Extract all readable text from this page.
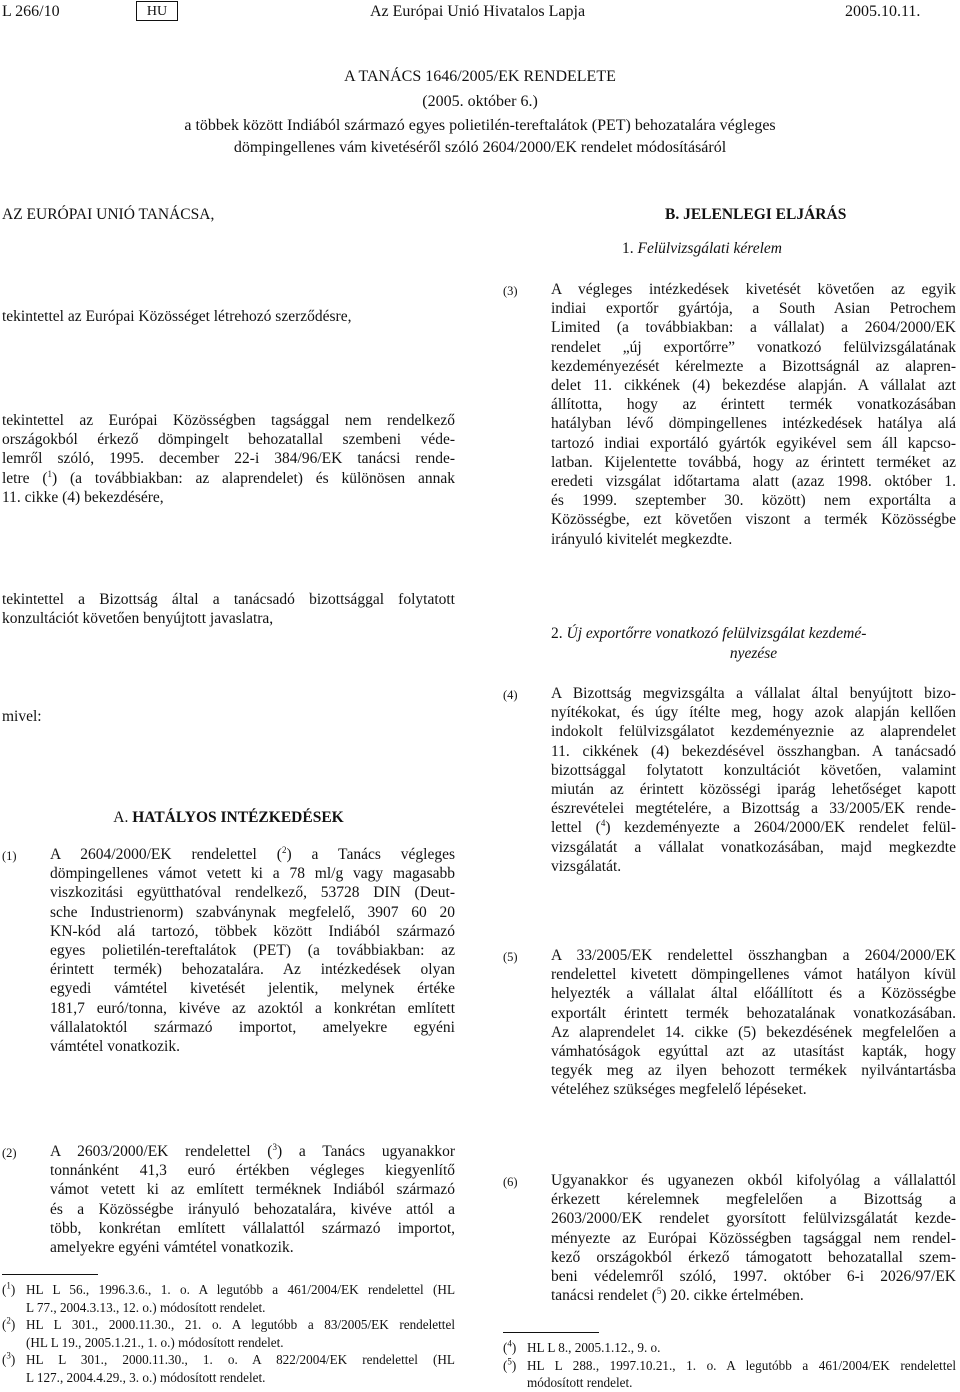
L 266/10	HU	Az Európai Unió Hivatalos Lapja	2005.10.11.
A TANÁCS 1646/2005/EK RENDELETE
(2005. október 6.)
a többek között Indiából származó egyes polietilén-tereftalátok (PET) behozatalára végleges
dömpingellenes vám kivetéséről szóló 2604/2000/EK rendelet módosításáról
AZ EURÓPAI UNIÓ TANÁCSA,
tekintettel az Európai Közösséget létrehozó szerződésre,
tekintettel az Európai Közösségben tagsággal nem rendelkező
országokból érkező dömpingelt behozatallal szembeni véde-
lemről szóló, 1995. december 22-i 384/96/EK tanácsi rende-
letre ($^1$) (a továbbiakban: az alaprendelet) és különösen annak
11. cikke (4) bekezdésére,
tekintettel a Bizottság által a tanácsadó bizottsággal folytatott
konzultációt követően benyújtott javaslatra,
mivel:
A. HATÁLYOS INTÉZKEDÉSEK
(1) A 2604/2000/EK rendelettel ($^2$) a Tanács végleges
dömpingellenes vámot vetett ki a 78 ml/g vagy magasabb
viszkozitási együtthatóval rendelkező, 53728 DIN (Deut-
sche Industrienorm) szabványnak megfelelő, 3907 60 20
KN-kód alá tartozó, többek között Indiából származó
egyes polietilén-tereftalátok (PET) (a továbbiakban: az
érintett termék) behozatalára. Az intézkedések olyan
egyedi vámtétel kivetését jelentik, melynek értéke
181,7 euró/tonna, kivéve az azoktól a konkrétan említett
vállalatoktól származó importot, amelyekre egyéni
vámtétel vonatkozik.
(2) A 2603/2000/EK rendelettel ($^3$) a Tanács ugyanakkor
tonnánként 41,3 euró értékben végleges kiegyenlítő
vámot vetett ki az említett terméknek Indiából származó
és a Közösségbe irányuló behozatalára, kivéve attól a
több, konkrétan említett vállalattól származó importot,
amelyekre egyéni vámtétel vonatkozik.
($^1$) HL L 56., 1996.3.6., 1. o. A legutóbb a 461/2004/EK rendelettel (HL
L 77., 2004.3.13., 12. o.) módosított rendelet.
($^2$) HL L 301., 2000.11.30., 21. o. A legutóbb a 83/2005/EK rendelettel
(HL L 19., 2005.1.21., 1. o.) módosított rendelet.
($^3$) HL L 301., 2000.11.30., 1. o. A 822/2004/EK rendelettel (HL
L 127., 2004.4.29., 3. o.) módosított rendelet.
B. JELENLEGI ELJÁRÁS
1. Felülvizsgálati kérelem
(3) A végleges intézkedések kivetését követően az egyik
indiai exportőr gyártója, a South Asian Petrochem
Limited (a továbbiakban: a vállalat) a 2604/2000/EK
rendelet „új exportőrre” vonatkozó felülvizsgálatának
kezdeményezését kérelmezte a Bizottságnál az alapren-
delet 11. cikkének (4) bekezdése alapján. A vállalat azt
állította, hogy az érintett termék vonatkozásában
hatályban lévő dömpingellenes intézkedések hatálya alá
tartozó indiai exportáló gyártók egyikével sem áll kapcso-
latban. Kijelentette továbbá, hogy az érintett terméket az
eredeti vizsgálat időtartama alatt (azaz 1998. október 1.
és 1999. szeptember 30. között) nem exportálta a
Közösségbe, ezt követően viszont a termék Közösségbe
irányuló kivitelét megkezdte.
2. Új exportőrre vonatkozó felülvizsgálat kezdemé-
nyezése
(4) A Bizottság megvizsgálta a vállalat által benyújtott bizo-
nyítékokat, és úgy ítélte meg, hogy azok alapján kellően
indokolt felülvizsgálatot kezdeményeznie az alaprendelet
11. cikkének (4) bekezdésével összhangban. A tanácsadó
bizottsággal folytatott konzultációt követően, valamint
miután az érintett közösségi iparág lehetőséget kapott
észrevételei megtételére, a Bizottság a 33/2005/EK rende-
lettel ($^4$) kezdeményezte a 2604/2000/EK rendelet felül-
vizsgálatát a vállalat vonatkozásában, majd megkezdte
vizsgálatát.
(5) A 33/2005/EK rendelettel összhangban a 2604/2000/EK
rendelettel kivetett dömpingellenes vámot hatályon kívül
helyezték a vállalat által előállított és a Közösségbe
exportált érintett termék behozatalának vonatkozásában.
Az alaprendelet 14. cikke (5) bekezdésének megfelelően a
vámhatóságok egyúttal azt az utasítást kapták, hogy
tegyék meg az ilyen behozott termékek nyilvántartásba
vételéhez szükséges megfelelő lépéseket.
(6) Ugyanakkor és ugyanezen okból kifolyólag a vállalattól
érkezett kérelemnek megfelelően a Bizottság a
2603/2000/EK rendelet gyorsított felülvizsgálatát kezde-
ményezte az Európai Közösségben tagsággal nem rendel-
kező országokból érkező támogatott behozatallal szem-
beni védelemről szóló, 1997. október 6-i 2026/97/EK
tanácsi rendelet ($^5$) 20. cikke értelmében.
($^4$) HL L 8., 2005.1.12., 9. o.
($^5$) HL L 288., 1997.10.21., 1. o. A legutóbb a 461/2004/EK rendelettel
módosított rendelet.
